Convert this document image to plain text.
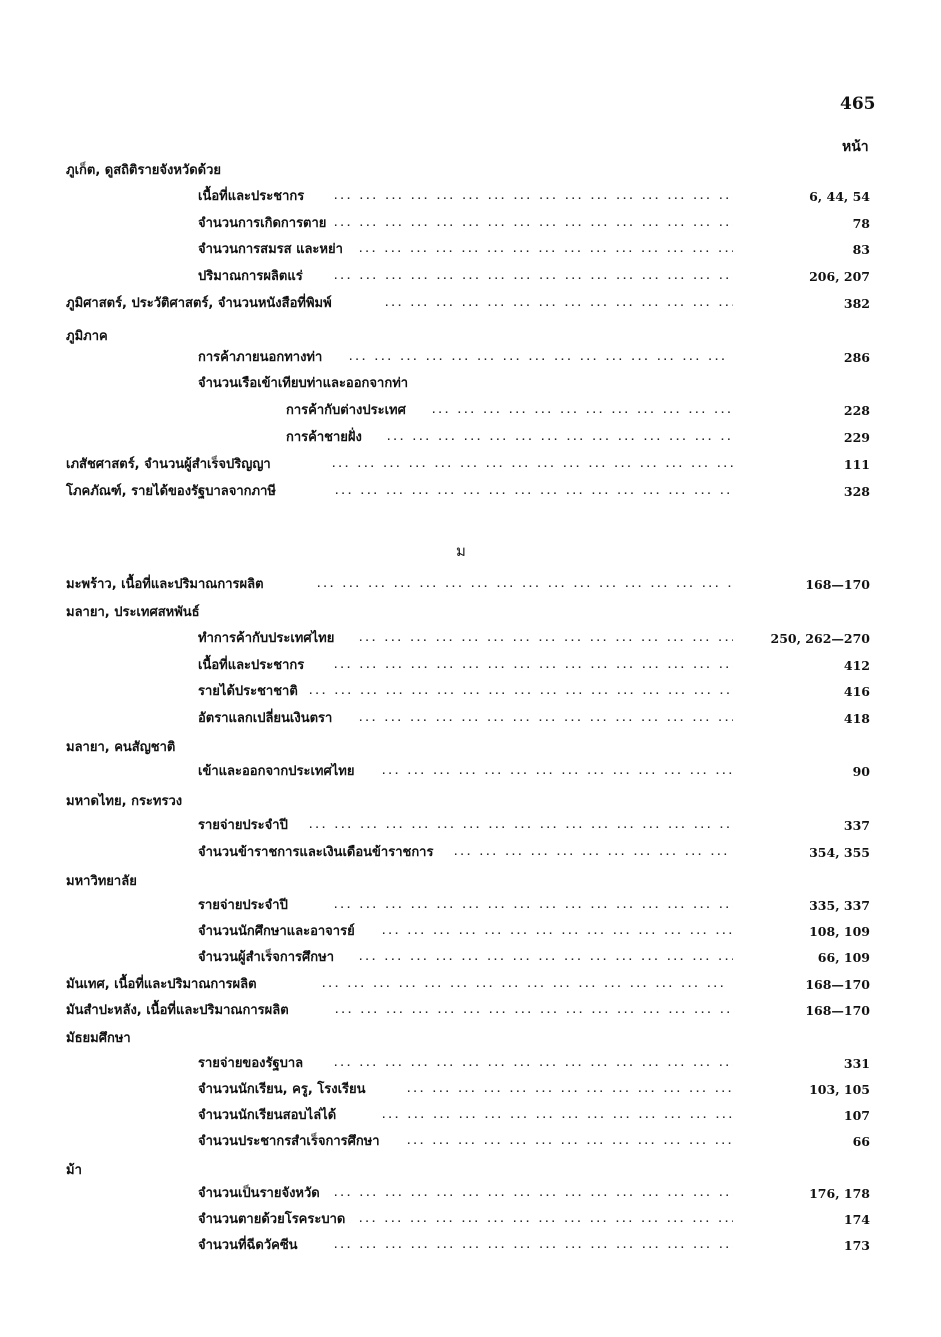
465
หน้า
ภูเก็ต, ดูสถิติรายจังหวัดด้วย
เนื้อที่และประชากร ... .	6, 44, 54
จำนวนการเกิดการตาย ... .	78
จำนวนการสมรส และหย่า ... .	83
ปริมาณการผลิตแร่ ... .	206, 207
ภูมิศาสตร์, ประวัติศาสตร์, จำนวนหนังสือที่พิมพ์ ... .	382
ภูมิภาค
การค้าภายนอกทางท่า ... .	286
จำนวนเรือเข้าเทียบท่าและออกจากท่า
การค้ากับต่างประเทศ ... .	228
การค้าชายฝั่ง ... .	229
เภสัชศาสตร์, จำนวนผู้สำเร็จปริญญา ... .	111
โภคภัณฑ์, รายได้ของรัฐบาลจากภาษี ... .	328
ม
มะพร้าว, เนื้อที่และปริมาณการผลิต ... .	168—170
มลายา, ประเทศสหพันธ์
ทำการค้ากับประเทศไทย ... .	250, 262—270
เนื้อที่และประชากร ... .	412
รายได้ประชาชาติ ... .	416
อัตราแลกเปลี่ยนเงินตรา ... .	418
มลายา, คนสัญชาติ
เข้าและออกจากประเทศไทย ... .	90
มหาดไทย, กระทรวง
รายจ่ายประจำปี ... .	337
จำนวนข้าราชการและเงินเดือนข้าราชการ ... .	354, 355
มหาวิทยาลัย
รายจ่ายประจำปี ... .	335, 337
จำนวนนักศึกษาและอาจารย์ ... .	108, 109
จำนวนผู้สำเร็จการศึกษา ... .	66, 109
มันเทศ, เนื้อที่และปริมาณการผลิต ... .	168—170
มันสำปะหลัง, เนื้อที่และปริมาณการผลิต ... .	168—170
มัธยมศึกษา
รายจ่ายของรัฐบาล ... .	331
จำนวนนักเรียน, ครู, โรงเรียน ... .	103, 105
จำนวนนักเรียนสอบไล่ได้ ... .	107
จำนวนประชากรสำเร็จการศึกษา ... .	66
ม้า
จำนวนเป็นรายจังหวัด ... .	176, 178
จำนวนตายด้วยโรคระบาด ... .	174
จำนวนที่ฉีดวัคซีน ... .	173
